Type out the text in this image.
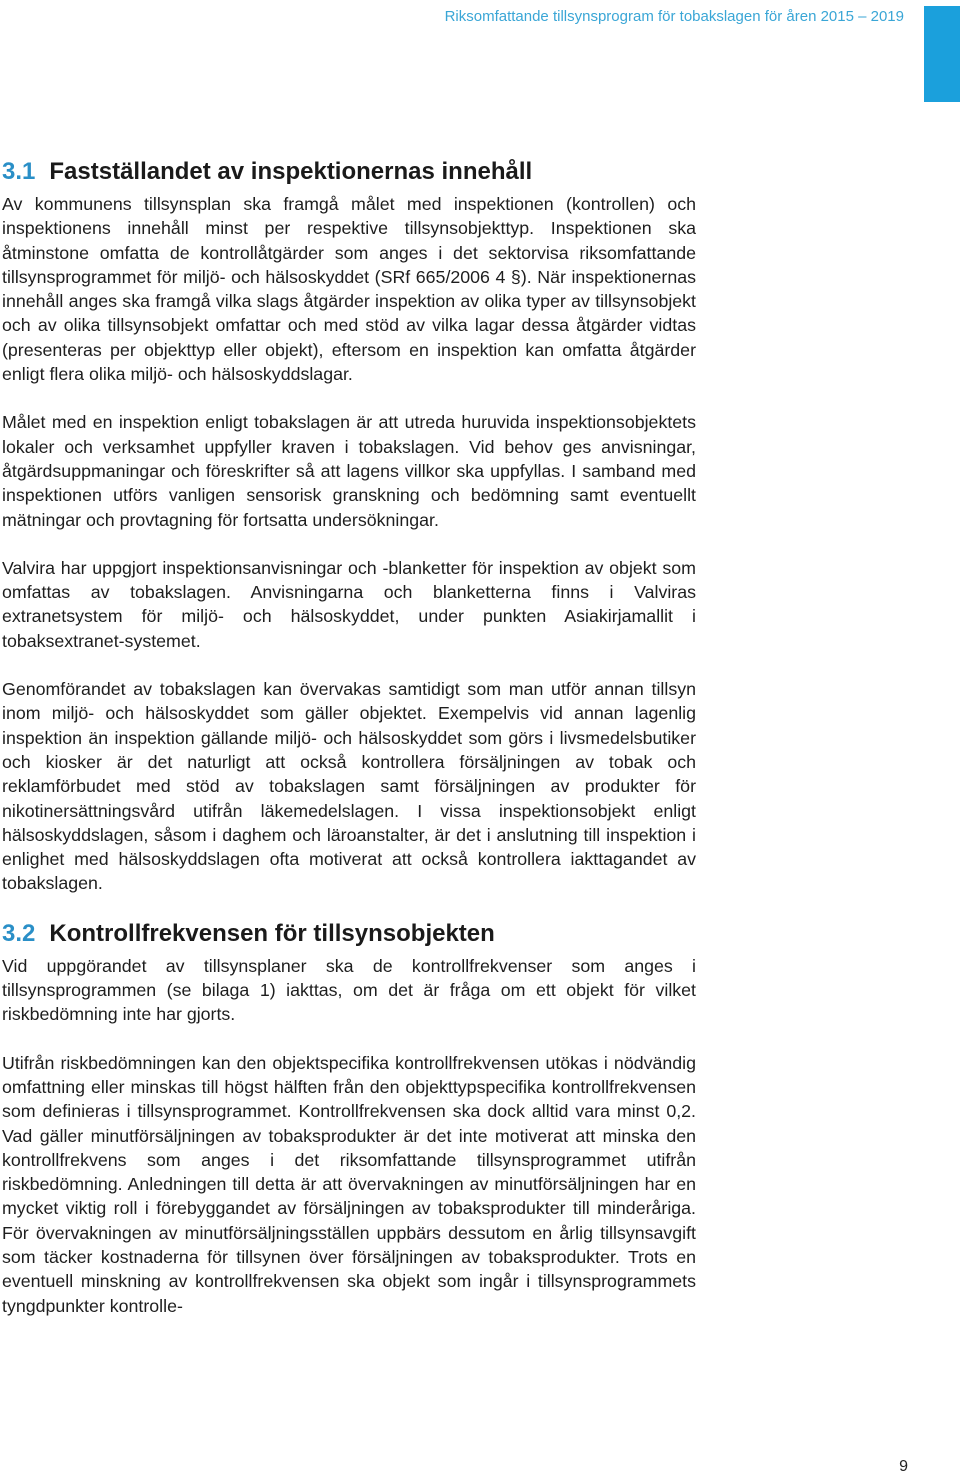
Riksomfattande tillsynsprogram för tobakslagen för åren 2015 – 2019
3.1 Fastställandet av inspektionernas innehåll

Av kommunens tillsynsplan ska framgå målet med inspektionen (kontrollen) och inspektionens innehåll minst per respektive tillsynsobjekttyp. Inspektionen ska åtminstone omfatta de kontrollåtgärder som anges i det sektorvisa riksomfattande tillsynsprogrammet för miljö- och hälsoskyddet (SRf 665/2006 4 §). När inspektionernas innehåll anges ska framgå vilka slags åtgärder inspektion av olika typer av tillsynsobjekt och av olika tillsynsobjekt omfattar och med stöd av vilka lagar dessa åtgärder vidtas (presenteras per objekttyp eller objekt), eftersom en inspektion kan omfatta åtgärder enligt flera olika miljö- och hälsoskyddslagar.

Målet med en inspektion enligt tobakslagen är att utreda huruvida inspektionsobjektets lokaler och verksamhet uppfyller kraven i tobakslagen. Vid behov ges anvisningar, åtgärdsuppmaningar och föreskrifter så att lagens villkor ska uppfyllas. I samband med inspektionen utförs vanligen sensorisk granskning och bedömning samt eventuellt mätningar och provtagning för fortsatta undersökningar.

Valvira har uppgjort inspektionsanvisningar och -blanketter för inspektion av objekt som omfattas av tobakslagen. Anvisningarna och blanketterna finns i Valviras extranetsystem för miljö- och hälsoskyddet, under punkten Asiakirjamallit i tobaksextranet-systemet.

Genomförandet av tobakslagen kan övervakas samtidigt som man utför annan tillsyn inom miljö- och hälsoskyddet som gäller objektet. Exempelvis vid annan lagenlig inspektion än inspektion gällande miljö- och hälsoskyddet som görs i livsmedelsbutiker och kiosker är det naturligt att också kontrollera försäljningen av tobak och reklamförbudet med stöd av tobakslagen samt försäljningen av produkter för nikotinersättningsvård utifrån läkemedelslagen. I vissa inspektionsobjekt enligt hälsoskyddslagen, såsom i daghem och läroanstalter, är det i anslutning till inspektion i enlighet med hälsoskyddslagen ofta motiverat att också kontrollera iakttagandet av tobakslagen.

3.2 Kontrollfrekvensen för tillsynsobjekten

Vid uppgörandet av tillsynsplaner ska de kontrollfrekvenser som anges i tillsynsprogrammen (se bilaga 1) iakttas, om det är fråga om ett objekt för vilket riskbedömning inte har gjorts.

Utifrån riskbedömningen kan den objektspecifika kontrollfrekvensen utökas i nödvändig omfattning eller minskas till högst hälften från den objekttypspecifika kontrollfrekvensen som definieras i tillsynsprogrammet. Kontrollfrekvensen ska dock alltid vara minst 0,2. Vad gäller minutförsäljningen av tobaksprodukter är det inte motiverat att minska den kontrollfrekvens som anges i det riksomfattande tillsynsprogrammet utifrån riskbedömning. Anledningen till detta är att övervakningen av minutförsäljningen har en mycket viktig roll i förebyggandet av försäljningen av tobaksprodukter till minderåriga. För övervakningen av minutförsäljningsställen uppbärs dessutom en årlig tillsynsavgift som täcker kostnaderna för tillsynen över försäljningen av tobaksprodukter. Trots en eventuell minskning av kontrollfrekvensen ska objekt som ingår i tillsynsprogrammets tyngdpunkter kontrolle-

9
